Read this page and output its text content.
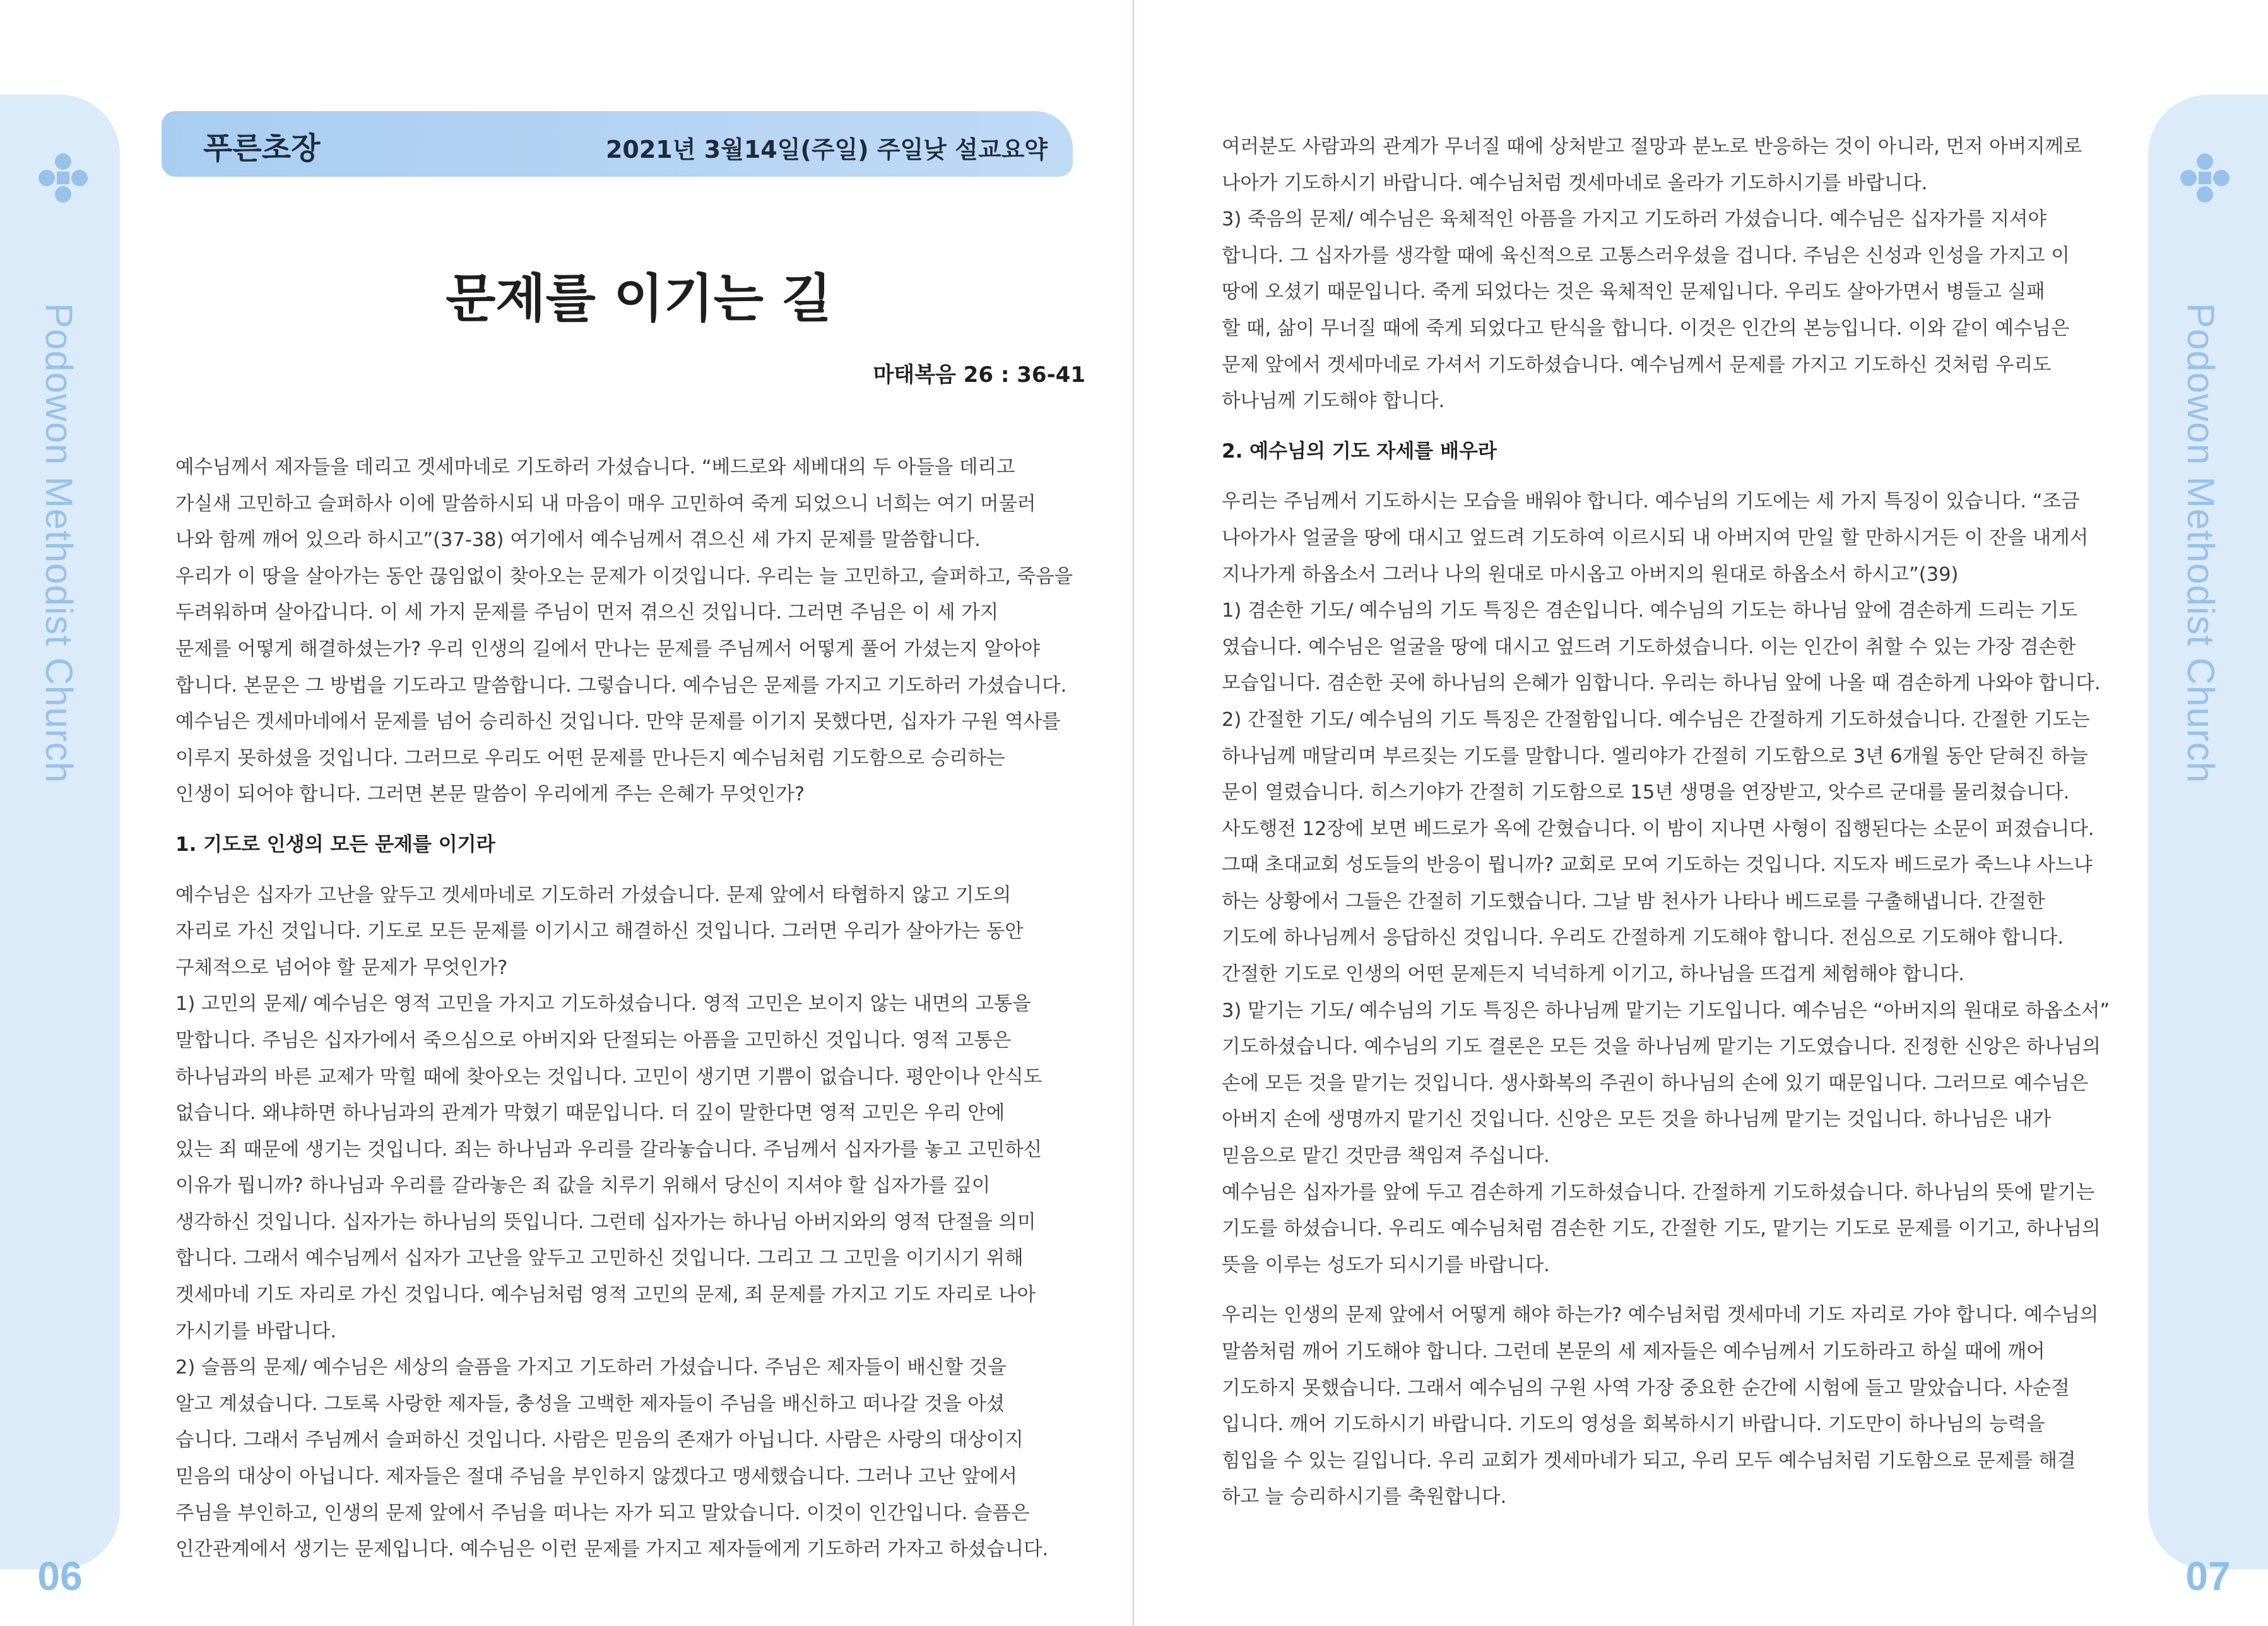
Podowon Methodist Church
06
Podowon Methodist Church
07
푸른초장	2021년 3월14일(주일) 주일낮 설교요약
문제를 이기는 길
마태복음 26 : 36-41

예수님께서 제자들을 데리고 겟세마네로 기도하러 가셨습니다. “베드로와 세베대의 두 아들을 데리고

가실새 고민하고 슬퍼하사 이에 말씀하시되 내 마음이 매우 고민하여 죽게 되었으니 너희는 여기 머물러

나와 함께 깨어 있으라 하시고”(37-38) 여기에서 예수님께서 겪으신 세 가지 문제를 말씀합니다.

우리가 이 땅을 살아가는 동안 끊임없이 찾아오는 문제가 이것입니다. 우리는 늘 고민하고, 슬퍼하고, 죽음을

두려워하며 살아갑니다. 이 세 가지 문제를 주님이 먼저 겪으신 것입니다. 그러면 주님은 이 세 가지

문제를 어떻게 해결하셨는가? 우리 인생의 길에서 만나는 문제를 주님께서 어떻게 풀어 가셨는지 알아야

합니다. 본문은 그 방법을 기도라고 말씀합니다. 그렇습니다. 예수님은 문제를 가지고 기도하러 가셨습니다.

예수님은 겟세마네에서 문제를 넘어 승리하신 것입니다. 만약 문제를 이기지 못했다면, 십자가 구원 역사를

이루지 못하셨을 것입니다. 그러므로 우리도 어떤 문제를 만나든지 예수님처럼 기도함으로 승리하는

인생이 되어야 합니다. 그러면 본문 말씀이 우리에게 주는 은혜가 무엇인가?

1. 기도로 인생의 모든 문제를 이기라

예수님은 십자가 고난을 앞두고 겟세마네로 기도하러 가셨습니다. 문제 앞에서 타협하지 않고 기도의

자리로 가신 것입니다. 기도로 모든 문제를 이기시고 해결하신 것입니다. 그러면 우리가 살아가는 동안

구체적으로 넘어야 할 문제가 무엇인가?

1) 고민의 문제/ 예수님은 영적 고민을 가지고 기도하셨습니다. 영적 고민은 보이지 않는 내면의 고통을

말합니다. 주님은 십자가에서 죽으심으로 아버지와 단절되는 아픔을 고민하신 것입니다. 영적 고통은

하나님과의 바른 교제가 막힐 때에 찾아오는 것입니다. 고민이 생기면 기쁨이 없습니다. 평안이나 안식도

없습니다. 왜냐하면 하나님과의 관계가 막혔기 때문입니다. 더 깊이 말한다면 영적 고민은 우리 안에

있는 죄 때문에 생기는 것입니다. 죄는 하나님과 우리를 갈라놓습니다. 주님께서 십자가를 놓고 고민하신

이유가 뭡니까? 하나님과 우리를 갈라놓은 죄 값을 치루기 위해서 당신이 지셔야 할 십자가를 깊이

생각하신 것입니다. 십자가는 하나님의 뜻입니다. 그런데 십자가는 하나님 아버지와의 영적 단절을 의미

합니다. 그래서 예수님께서 십자가 고난을 앞두고 고민하신 것입니다. 그리고 그 고민을 이기시기 위해

겟세마네 기도 자리로 가신 것입니다. 예수님처럼 영적 고민의 문제, 죄 문제를 가지고 기도 자리로 나아

가시기를 바랍니다.

2) 슬픔의 문제/ 예수님은 세상의 슬픔을 가지고 기도하러 가셨습니다. 주님은 제자들이 배신할 것을

알고 계셨습니다. 그토록 사랑한 제자들, 충성을 고백한 제자들이 주님을 배신하고 떠나갈 것을 아셨

습니다. 그래서 주님께서 슬퍼하신 것입니다. 사람은 믿음의 존재가 아닙니다. 사람은 사랑의 대상이지

믿음의 대상이 아닙니다. 제자들은 절대 주님을 부인하지 않겠다고 맹세했습니다. 그러나 고난 앞에서

주님을 부인하고, 인생의 문제 앞에서 주님을 떠나는 자가 되고 말았습니다. 이것이 인간입니다. 슬픔은

인간관계에서 생기는 문제입니다. 예수님은 이런 문제를 가지고 제자들에게 기도하러 가자고 하셨습니다.

여러분도 사람과의 관계가 무너질 때에 상처받고 절망과 분노로 반응하는 것이 아니라, 먼저 아버지께로

나아가 기도하시기 바랍니다. 예수님처럼 겟세마네로 올라가 기도하시기를 바랍니다.

3) 죽음의 문제/ 예수님은 육체적인 아픔을 가지고 기도하러 가셨습니다. 예수님은 십자가를 지셔야

합니다. 그 십자가를 생각할 때에 육신적으로 고통스러우셨을 겁니다. 주님은 신성과 인성을 가지고 이

땅에 오셨기 때문입니다. 죽게 되었다는 것은 육체적인 문제입니다. 우리도 살아가면서 병들고 실패

할 때, 삶이 무너질 때에 죽게 되었다고 탄식을 합니다. 이것은 인간의 본능입니다. 이와 같이 예수님은

문제 앞에서 겟세마네로 가셔서 기도하셨습니다. 예수님께서 문제를 가지고 기도하신 것처럼 우리도

하나님께 기도해야 합니다.

2. 예수님의 기도 자세를 배우라

우리는 주님께서 기도하시는 모습을 배워야 합니다. 예수님의 기도에는 세 가지 특징이 있습니다. “조금

나아가사 얼굴을 땅에 대시고 엎드려 기도하여 이르시되 내 아버지여 만일 할 만하시거든 이 잔을 내게서

지나가게 하옵소서 그러나 나의 원대로 마시옵고 아버지의 원대로 하옵소서 하시고”(39)

1) 겸손한 기도/ 예수님의 기도 특징은 겸손입니다. 예수님의 기도는 하나님 앞에 겸손하게 드리는 기도

였습니다. 예수님은 얼굴을 땅에 대시고 엎드려 기도하셨습니다. 이는 인간이 취할 수 있는 가장 겸손한

모습입니다. 겸손한 곳에 하나님의 은혜가 임합니다. 우리는 하나님 앞에 나올 때 겸손하게 나와야 합니다.

2) 간절한 기도/ 예수님의 기도 특징은 간절함입니다. 예수님은 간절하게 기도하셨습니다. 간절한 기도는

하나님께 매달리며 부르짖는 기도를 말합니다. 엘리야가 간절히 기도함으로 3년 6개월 동안 닫혀진 하늘

문이 열렸습니다. 히스기야가 간절히 기도함으로 15년 생명을 연장받고, 앗수르 군대를 물리쳤습니다.

사도행전 12장에 보면 베드로가 옥에 갇혔습니다. 이 밤이 지나면 사형이 집행된다는 소문이 퍼졌습니다.

그때 초대교회 성도들의 반응이 뭡니까? 교회로 모여 기도하는 것입니다. 지도자 베드로가 죽느냐 사느냐

하는 상황에서 그들은 간절히 기도했습니다. 그날 밤 천사가 나타나 베드로를 구출해냅니다. 간절한

기도에 하나님께서 응답하신 것입니다. 우리도 간절하게 기도해야 합니다. 전심으로 기도해야 합니다.

간절한 기도로 인생의 어떤 문제든지 넉넉하게 이기고, 하나님을 뜨겁게 체험해야 합니다.

3) 맡기는 기도/ 예수님의 기도 특징은 하나님께 맡기는 기도입니다. 예수님은 “아버지의 원대로 하옵소서”

기도하셨습니다. 예수님의 기도 결론은 모든 것을 하나님께 맡기는 기도였습니다. 진정한 신앙은 하나님의

손에 모든 것을 맡기는 것입니다. 생사화복의 주권이 하나님의 손에 있기 때문입니다. 그러므로 예수님은

아버지 손에 생명까지 맡기신 것입니다. 신앙은 모든 것을 하나님께 맡기는 것입니다. 하나님은 내가

믿음으로 맡긴 것만큼 책임져 주십니다.

예수님은 십자가를 앞에 두고 겸손하게 기도하셨습니다. 간절하게 기도하셨습니다. 하나님의 뜻에 맡기는

기도를 하셨습니다. 우리도 예수님처럼 겸손한 기도, 간절한 기도, 맡기는 기도로 문제를 이기고, 하나님의

뜻을 이루는 성도가 되시기를 바랍니다.

우리는 인생의 문제 앞에서 어떻게 해야 하는가? 예수님처럼 겟세마네 기도 자리로 가야 합니다. 예수님의

말씀처럼 깨어 기도해야 합니다. 그런데 본문의 세 제자들은 예수님께서 기도하라고 하실 때에 깨어

기도하지 못했습니다. 그래서 예수님의 구원 사역 가장 중요한 순간에 시험에 들고 말았습니다. 사순절

입니다. 깨어 기도하시기 바랍니다. 기도의 영성을 회복하시기 바랍니다. 기도만이 하나님의 능력을

힘입을 수 있는 길입니다. 우리 교회가 겟세마네가 되고, 우리 모두 예수님처럼 기도함으로 문제를 해결

하고 늘 승리하시기를 축원합니다.
